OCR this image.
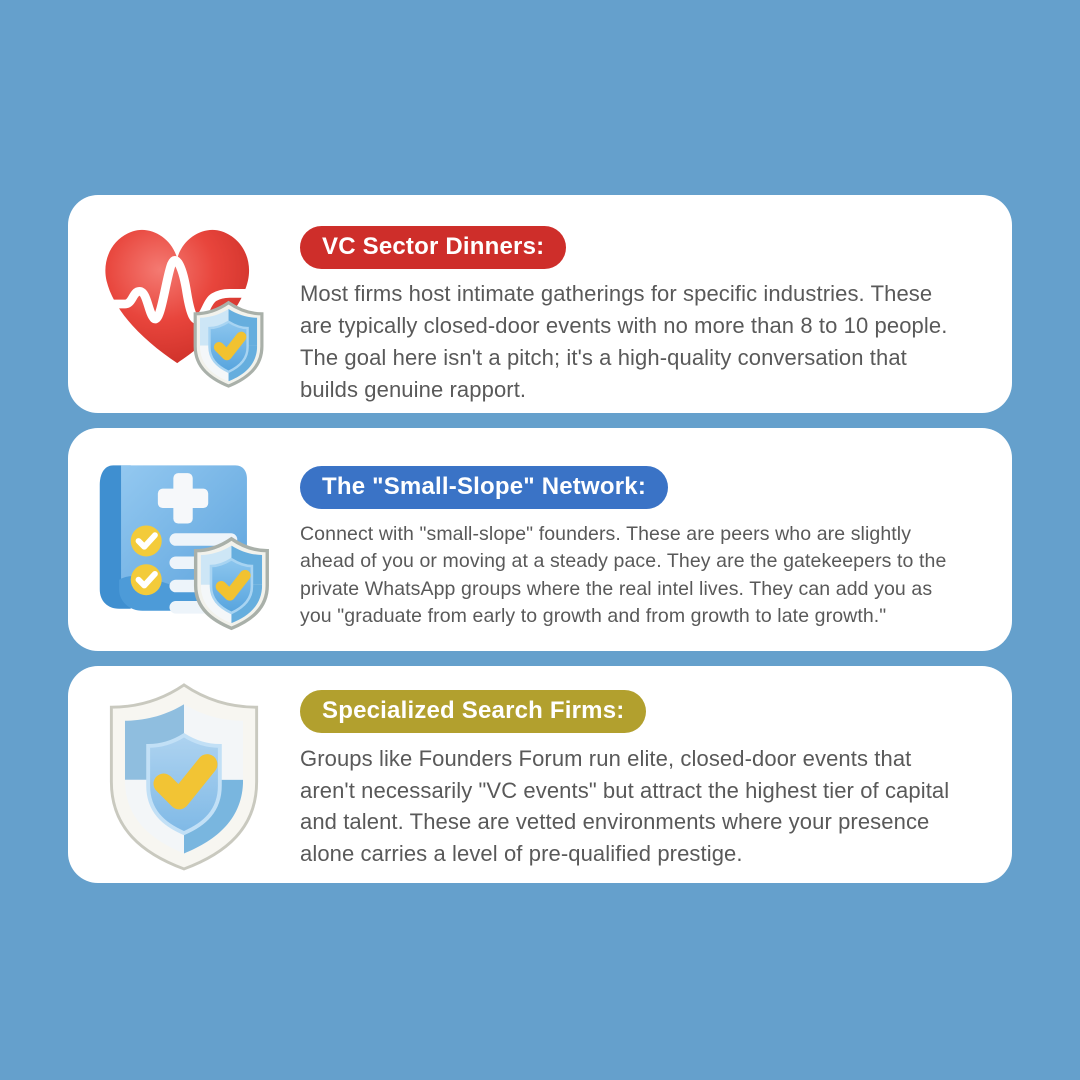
VC Sector Dinners:

Most firms host intimate gatherings for specific industries. These are typically closed-door events with no more than 8 to 10 people. The goal here isn't a pitch; it's a high-quality conversation that builds genuine rapport.

The "Small-Slope" Network:

Connect with "small-slope" founders. These are peers who are slightly ahead of you or moving at a steady pace. They are the gatekeepers to the private WhatsApp groups where the real intel lives. They can add you as you "graduate from early to growth and from growth to late growth."

Specialized Search Firms:

Groups like Founders Forum run elite, closed-door events that aren't necessarily "VC events" but attract the highest tier of capital and talent. These are vetted environments where your presence alone carries a level of pre-qualified prestige.
